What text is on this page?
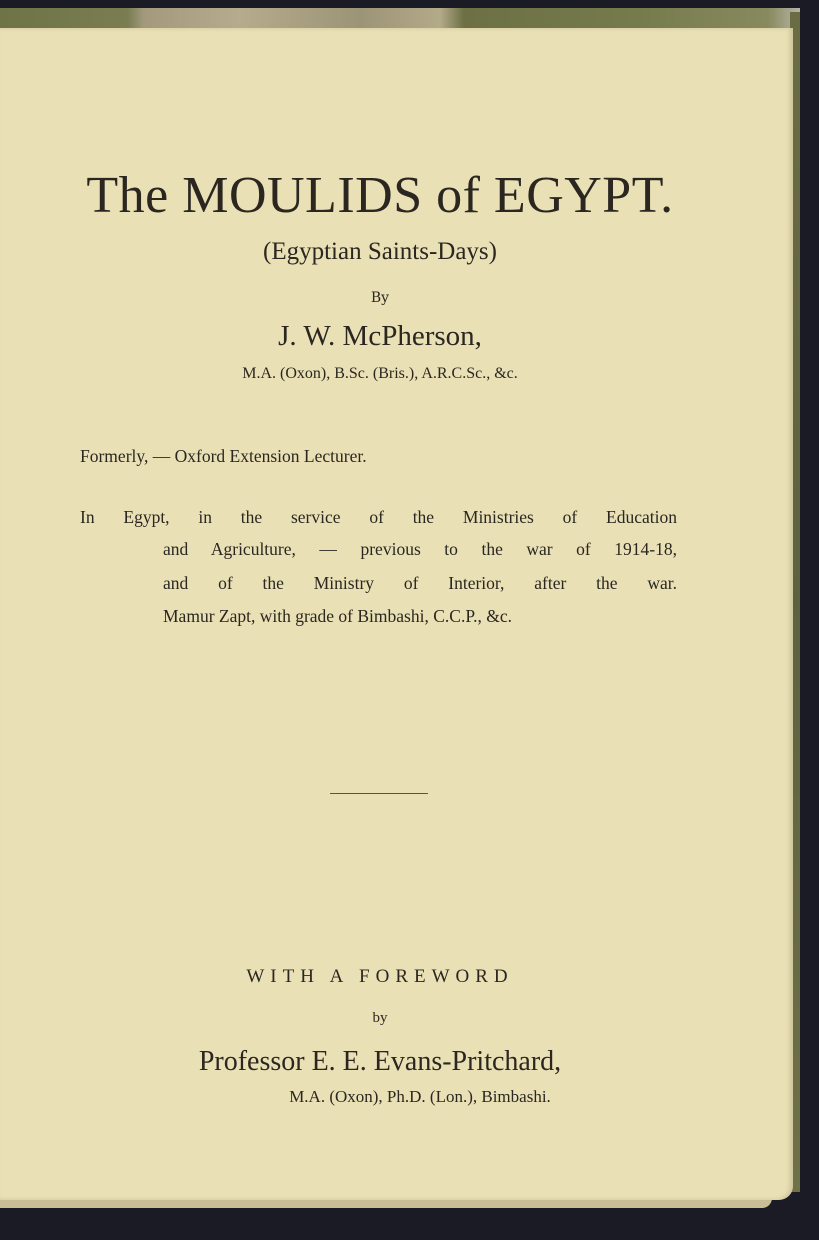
The MOULIDS of EGYPT.
(Egyptian Saints-Days)
By
J. W. McPherson,
M.A. (Oxon), B.Sc. (Bris.), A.R.C.Sc., &c.
Formerly, — Oxford Extension Lecturer.
In Egypt, in the service of the Ministries of Education
and Agriculture, — previous to the war of 1914-18,
and of the Ministry of Interior, after the war.
Mamur Zapt, with grade of Bimbashi, C.C.P., &c.
WITH A FOREWORD
by
Professor E. E. Evans-Pritchard,
M.A. (Oxon), Ph.D. (Lon.), Bimbashi.
